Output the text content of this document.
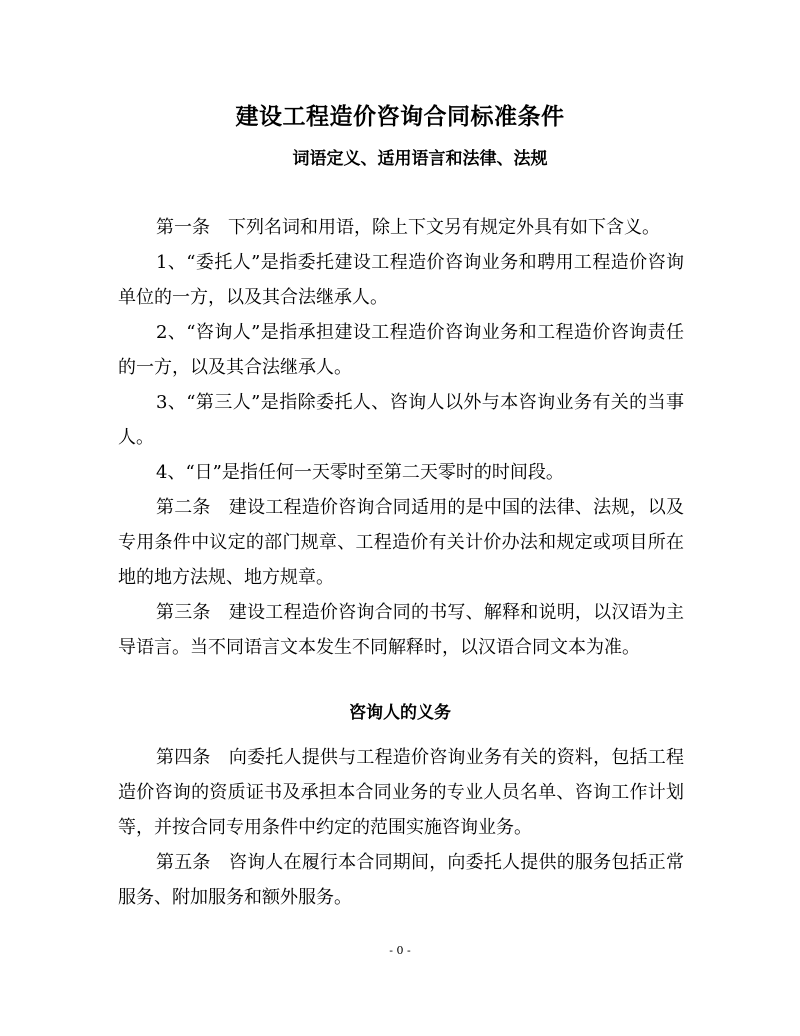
建设工程造价咨询合同标准条件
词语定义、适用语言和法律、法规

第一条　下列名词和用语，除上下文另有规定外具有如下含义。

1、“委托人”是指委托建设工程造价咨询业务和聘用工程造价咨询单位的一方，以及其合法继承人。

2、“咨询人”是指承担建设工程造价咨询业务和工程造价咨询责任的一方，以及其合法继承人。

3、“第三人”是指除委托人、咨询人以外与本咨询业务有关的当事人。

4、“日”是指任何一天零时至第二天零时的时间段。

第二条　建设工程造价咨询合同适用的是中国的法律、法规，以及专用条件中议定的部门规章、工程造价有关计价办法和规定或项目所在地的地方法规、地方规章。

第三条　建设工程造价咨询合同的书写、解释和说明，以汉语为主导语言。当不同语言文本发生不同解释时，以汉语合同文本为准。

咨询人的义务

第四条　向委托人提供与工程造价咨询业务有关的资料，包括工程造价咨询的资质证书及承担本合同业务的专业人员名单、咨询工作计划等，并按合同专用条件中约定的范围实施咨询业务。

第五条　咨询人在履行本合同期间，向委托人提供的服务包括正常服务、附加服务和额外服务。

- 0 -
